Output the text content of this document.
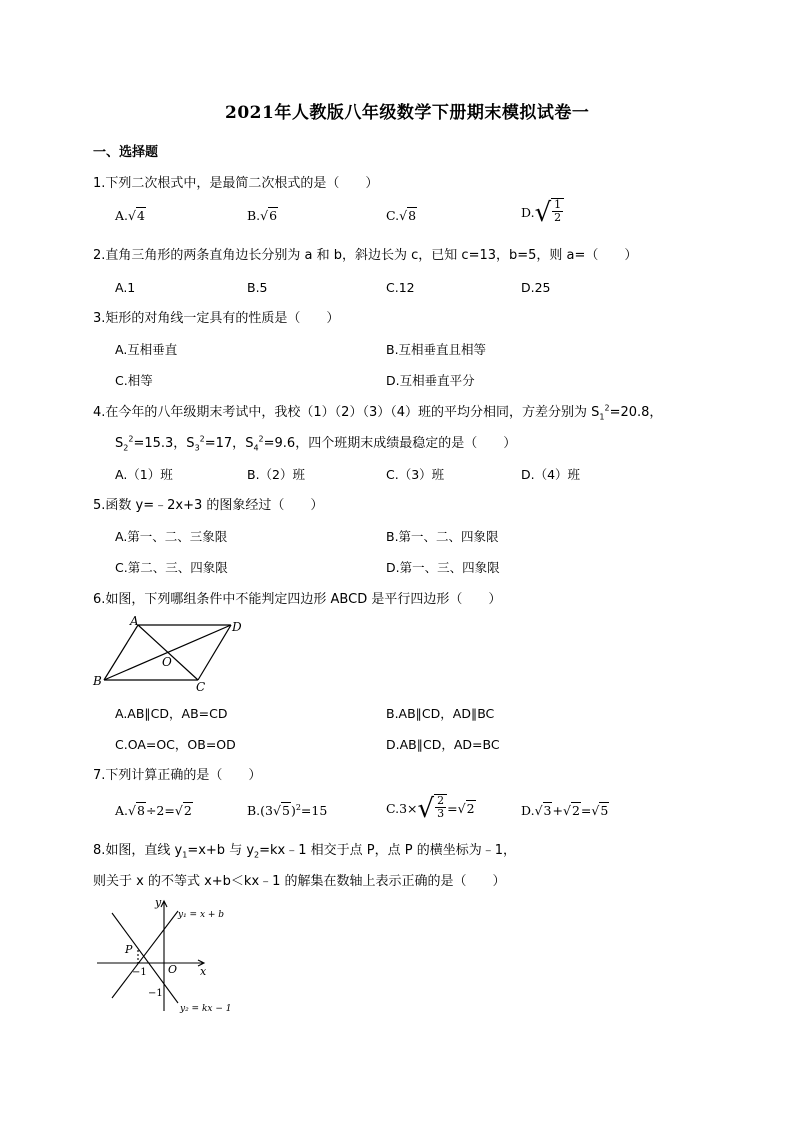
2021年人教版八年级数学下册期末模拟试卷一
一、选择题
1.下列二次根式中，是最简二次根式的是（　　）
A.√4	B.√6	C.√8	D. √ $\frac{1}{2}$
2.直角三角形的两条直角边长分别为 a 和 b，斜边长为 c，已知 c=13，b=5，则 a=（　　）
A.1	B.5	C.12	D.25
3.矩形的对角线一定具有的性质是（　　）
A.互相垂直	B.互相垂直且相等
C.相等	D.互相垂直平分
4.在今年的八年级期末考试中，我校（1）（2）（3）（4）班的平均分相同，方差分别为 $S_1^2=20.8$，
$S_2^2=15.3$，$S_3^2=17$，$S_4^2=9.6$，四个班期末成绩最稳定的是（　　）
A.（1）班	B.（2）班	C.（3）班	D.（4）班
5.函数 y=﹣2x+3 的图象经过（　　）
A.第一、二、三象限	B.第一、二、四象限
C.第二、三、四象限	D.第一、三、四象限
6.如图，下列哪组条件中不能判定四边形 ABCD 是平行四边形（　　）
A	D
B	C
O
A.AB∥CD，AB=CD	B.AB∥CD，AD∥BC
C.OA=OC，OB=OD	D.AB∥CD，AD=BC
7.下列计算正确的是（　　）
A.√8÷2=√2	$B.(3√5)^2=15$	C. 3× √ $\frac{2}{3} = √2$	D.√3+√2=√5
8.如图，直线 $y_1=x+b$ 与 $y_2=kx﹣1$ 相交于点 P，点 P 的横坐标为﹣1，
则关于 x 的不等式 x+b＜kx﹣1 的解集在数轴上表示正确的是（　　）
y
x
O
P
−1
−1
y₁ = x + b
y₂ = kx − 1
